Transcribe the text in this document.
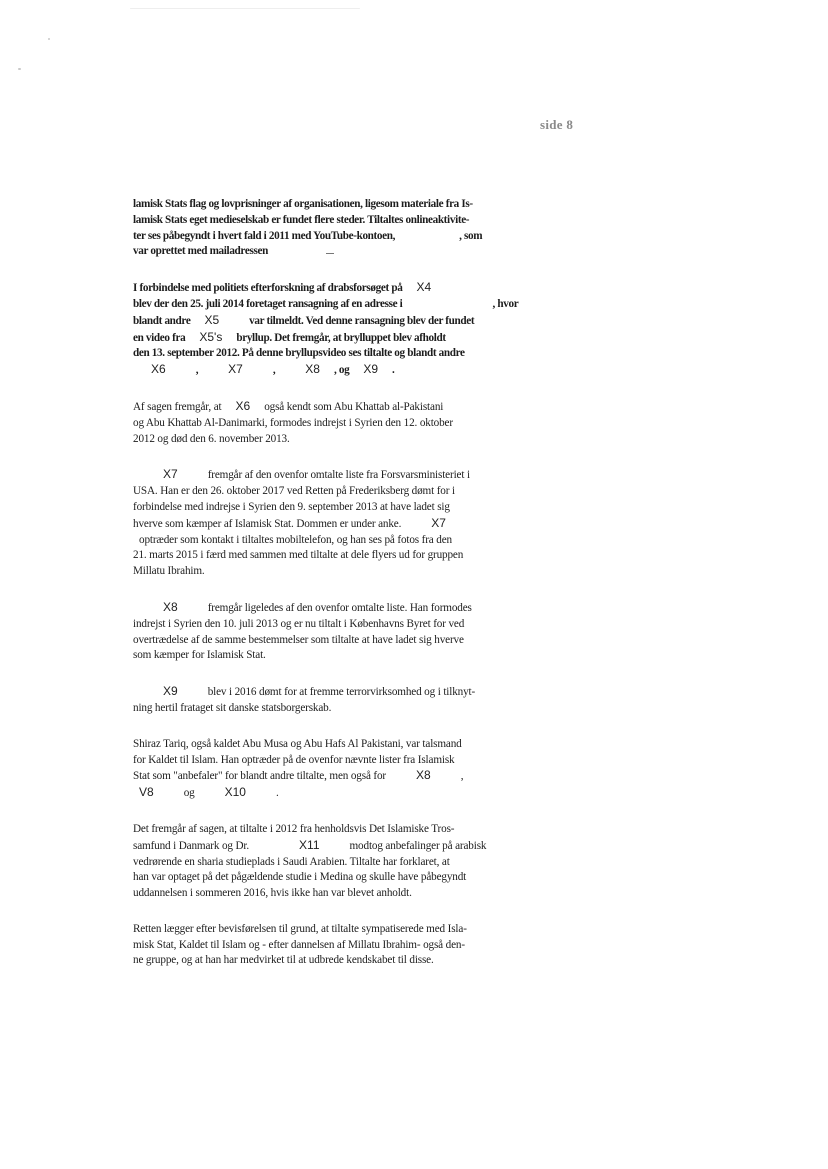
side 8
lamisk Stats flag og lovprisninger af organisationen, ligesom materiale fra Is-
lamisk Stats eget medieselskab er fundet flere steder. Tiltaltes onlineaktivite-
ter ses påbegyndt i hvert fald i 2011 med YouTube-kontoen,	, som
var oprettet med mailadressen
I forbindelse med politiets efterforskning af drabsforsøget på X4
blev der den 25. juli 2014 foretaget ransagning af en adresse i	, hvor
blandt andre X5	var tilmeldt. Ved denne ransagning blev der fundet
en video fra X5's bryllup. Det fremgår, at brylluppet blev afholdt
den 13. september 2012. På denne bryllupsvideo ses tiltalte og blandt andre
X6	,	X7	,	X8 , og X9 .
Af sagen fremgår, at X6 også kendt som Abu Khattab al-Pakistani
og Abu Khattab Al-Danimarki, formodes indrejst i Syrien den 12. oktober
2012 og død den 6. november 2013.
X7	fremgår af den ovenfor omtalte liste fra Forsvarsministeriet i
USA. Han er den 26. oktober 2017 ved Retten på Frederiksberg dømt for i
forbindelse med indrejse i Syrien den 9. september 2013 at have ladet sig
hverve som kæmper af Islamisk Stat. Dommen er under anke.	X7
optræder som kontakt i tiltaltes mobiltelefon, og han ses på fotos fra den
21. marts 2015 i færd med sammen med tiltalte at dele flyers ud for gruppen
Millatu Ibrahim.
X8	fremgår ligeledes af den ovenfor omtalte liste. Han formodes
indrejst i Syrien den 10. juli 2013 og er nu tiltalt i Københavns Byret for ved
overtrædelse af de samme bestemmelser som tiltalte at have ladet sig hverve
som kæmper for Islamisk Stat.
X9	blev i 2016 dømt for at fremme terrorvirksomhed og i tilknyt-
ning hertil frataget sit danske statsborgerskab.
Shiraz Tariq, også kaldet Abu Musa og Abu Hafs Al Pakistani, var talsmand
for Kaldet til Islam. Han optræder på de ovenfor nævnte lister fra Islamisk
Stat som "anbefaler" for blandt andre tiltalte, men også for	X8	,
V8	og	X10	.
Det fremgår af sagen, at tiltalte i 2012 fra henholdsvis Det Islamiske Tros-
samfund i Danmark og Dr.	X11	modtog anbefalinger på arabisk
vedrørende en sharia studieplads i Saudi Arabien. Tiltalte har forklaret, at
han var optaget på det pågældende studie i Medina og skulle have påbegyndt
uddannelsen i sommeren 2016, hvis ikke han var blevet anholdt.
Retten lægger efter bevisførelsen til grund, at tiltalte sympatiserede med Isla-
misk Stat, Kaldet til Islam og - efter dannelsen af Millatu Ibrahim- også den-
ne gruppe, og at han har medvirket til at udbrede kendskabet til disse.
